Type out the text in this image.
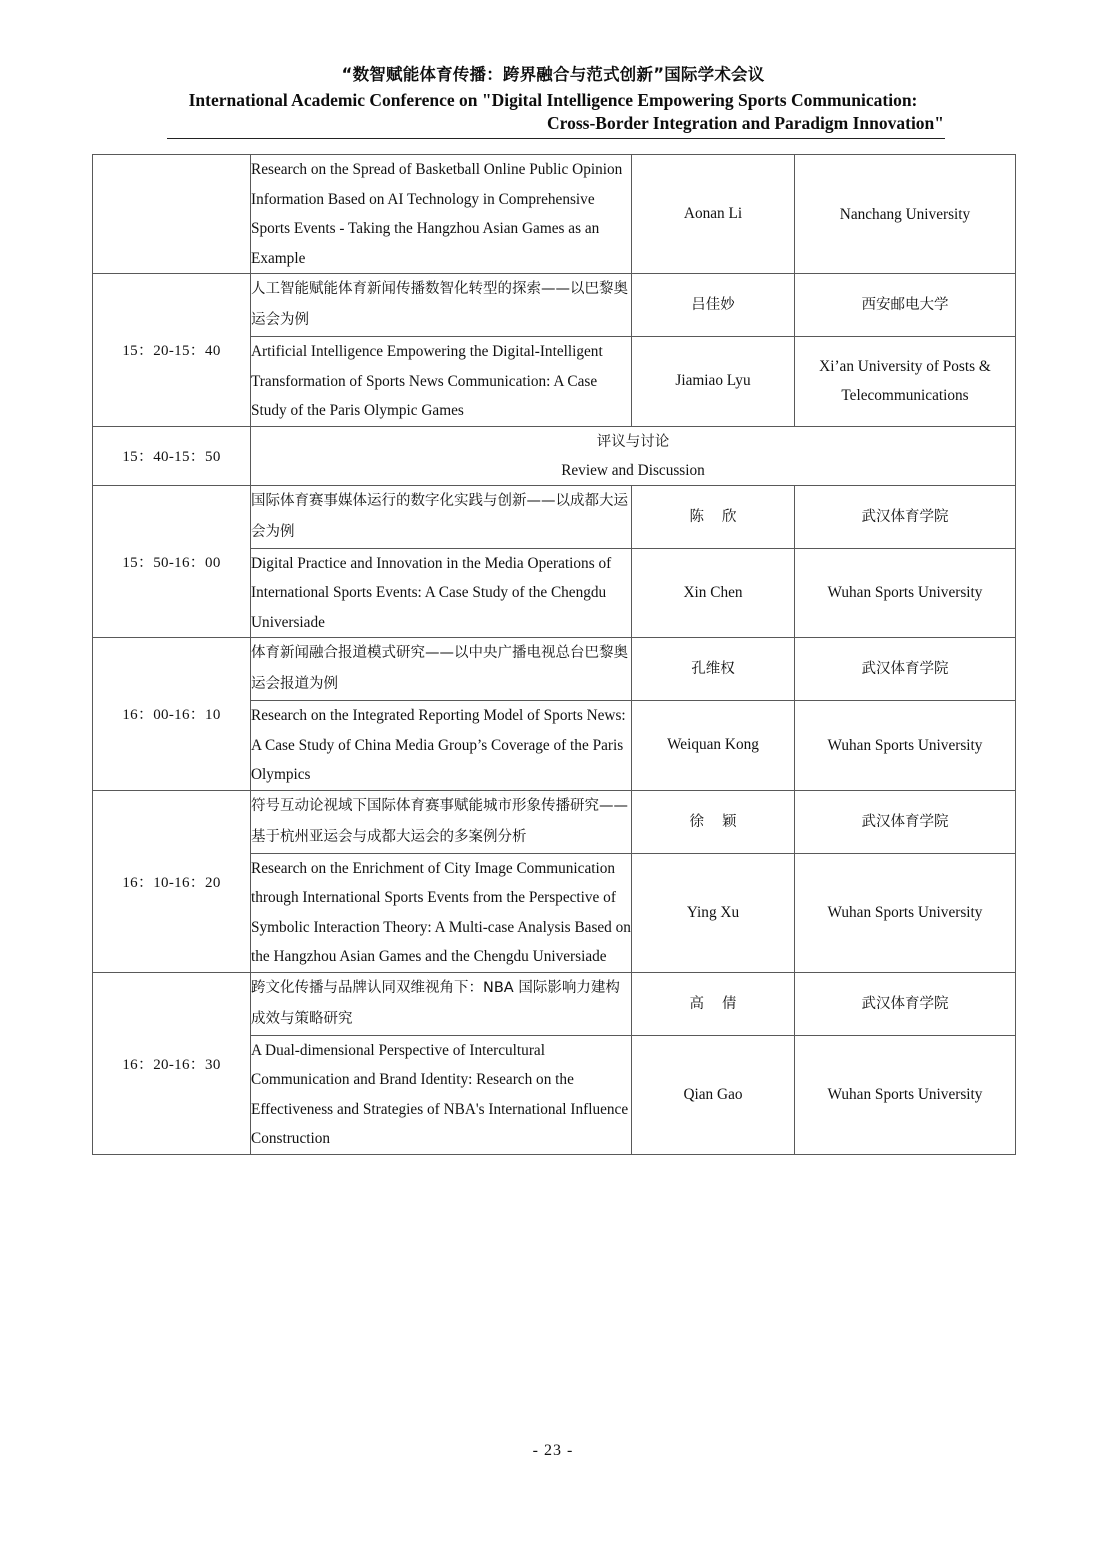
“数智赋能体育传播：跨界融合与范式创新”国际学术会议
International Academic Conference on "Digital Intelligence Empowering Sports Communication:
Cross-Border Integration and Paradigm Innovation"
	Research on the Spread of Basketball Online Public Opinion Information Based on AI Technology in Comprehensive Sports Events - Taking the Hangzhou Asian Games as an Example	Aonan Li	Nanchang University
15：20-15：40	人工智能赋能体育新闻传播数智化转型的探索——以巴黎奥运会为例	吕佳妙	西安邮电大学
	Artificial Intelligence Empowering the Digital-Intelligent Transformation of Sports News Communication: A Case Study of the Paris Olympic Games	Jiamiao Lyu	Xi’an University of Posts & Telecommunications
15：40-15：50	评议与讨论
Review and Discussion		

15：50-16：00	国际体育赛事媒体运行的数字化实践与创新——以成都大运会为例	陈 欣	武汉体育学院
	Digital Practice and Innovation in the Media Operations of International Sports Events: A Case Study of the Chengdu Universiade	Xin Chen	Wuhan Sports University
16：00-16：10	体育新闻融合报道模式研究——以中央广播电视总台巴黎奥运会报道为例	孔维权	武汉体育学院
	Research on the Integrated Reporting Model of Sports News: A Case Study of China Media Group’s Coverage of the Paris Olympics	Weiquan Kong	Wuhan Sports University
16：10-16：20	符号互动论视域下国际体育赛事赋能城市形象传播研究——基于杭州亚运会与成都大运会的多案例分析	徐 颖	武汉体育学院
	Research on the Enrichment of City Image Communication through International Sports Events from the Perspective of Symbolic Interaction Theory: A Multi-case Analysis Based on the Hangzhou Asian Games and the Chengdu Universiade	Ying Xu	Wuhan Sports University
16：20-16：30	跨文化传播与品牌认同双维视角下：NBA 国际影响力建构成效与策略研究	高 倩	武汉体育学院
	A Dual-dimensional Perspective of Intercultural Communication and Brand Identity: Research on the Effectiveness and Strategies of NBA's International Influence Construction	Qian Gao	Wuhan Sports University
- 23 -
